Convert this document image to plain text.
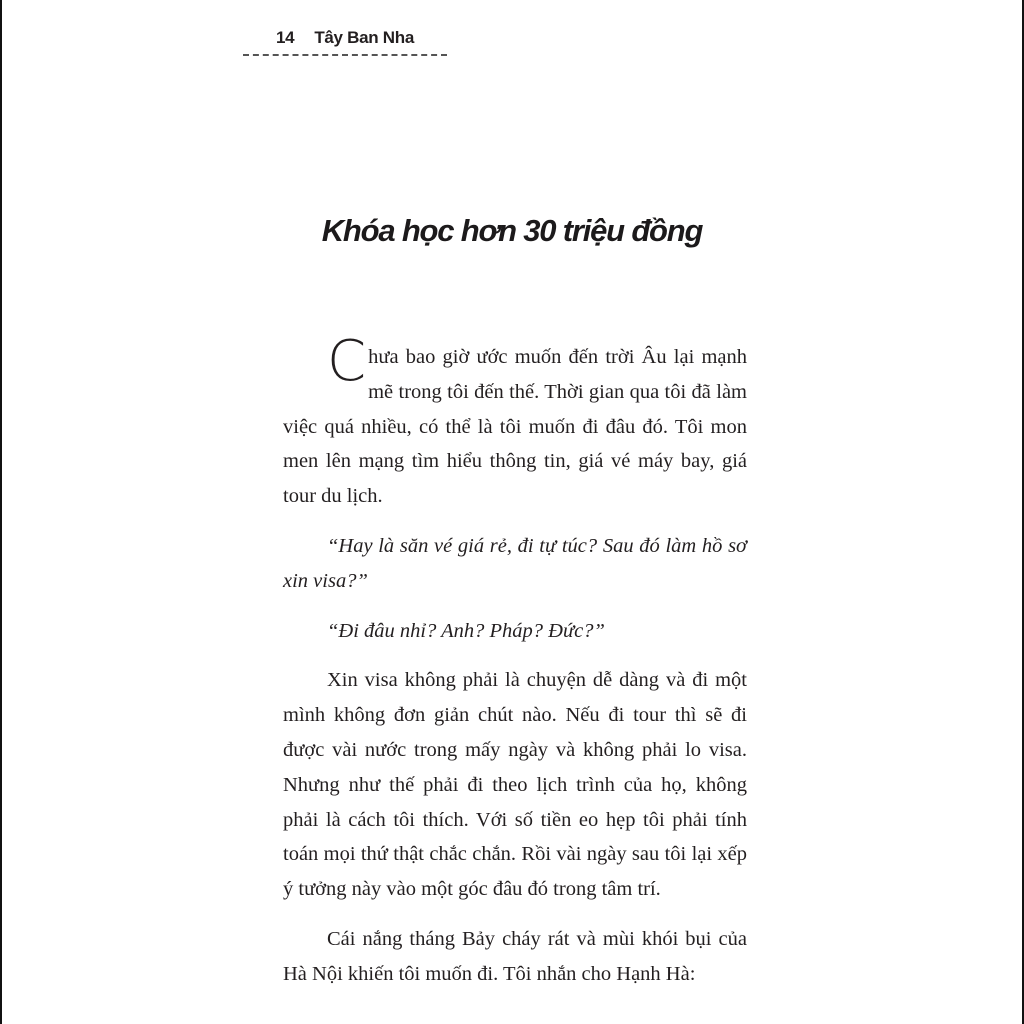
14 Tây Ban Nha
Khóa học hơn 30 triệu đồng

Chưa bao giờ ước muốn đến trời Âu lại mạnh mẽ trong tôi đến thế. Thời gian qua tôi đã làm việc quá nhiều, có thể là tôi muốn đi đâu đó. Tôi mon men lên mạng tìm hiểu thông tin, giá vé máy bay, giá tour du lịch.

“Hay là săn vé giá rẻ, đi tự túc? Sau đó làm hồ sơ xin visa?”

“Đi đâu nhỉ? Anh? Pháp? Đức?”

Xin visa không phải là chuyện dễ dàng và đi một mình không đơn giản chút nào. Nếu đi tour thì sẽ đi được vài nước trong mấy ngày và không phải lo visa. Nhưng như thế phải đi theo lịch trình của họ, không phải là cách tôi thích. Với số tiền eo hẹp tôi phải tính toán mọi thứ thật chắc chắn. Rồi vài ngày sau tôi lại xếp ý tưởng này vào một góc đâu đó trong tâm trí.

Cái nắng tháng Bảy cháy rát và mùi khói bụi của Hà Nội khiến tôi muốn đi. Tôi nhắn cho Hạnh Hà:
